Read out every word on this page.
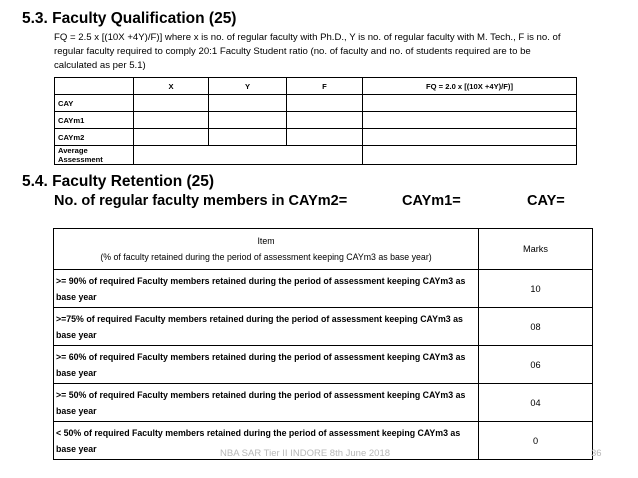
5.3. Faculty Qualification (25)
FQ = 2.5 x [(10X +4Y)/F)] where x is no. of regular faculty with Ph.D., Y is no. of regular faculty with M. Tech., F is no. of regular faculty required to comply 20:1 Faculty Student ratio (no. of faculty and no. of students required are to be calculated as per 5.1)
	X	Y	F	FQ = 2.0 x [(10X +4Y)/F)]
CAY				
CAYm1				
CAYm2				
Average Assessment				
5.4. Faculty Retention (25)
No. of regular faculty members in CAYm2=	CAYm1=	CAY=
Item
(% of faculty retained during the period of assessment keeping CAYm3 as base year)	Marks
>= 90% of required Faculty members retained during the period of assessment keeping CAYm3 as base year	10
>=75% of required Faculty members retained during the period of assessment keeping CAYm3 as base year	08
>= 60% of required Faculty members retained during the period of assessment keeping CAYm3 as base year	06
>= 50% of required Faculty members retained during the period of assessment keeping CAYm3 as base year	04
< 50% of required Faculty members retained during the period of assessment keeping CAYm3 as base year	0
NBA SAR Tier II INDORE 8th June 2018	36
